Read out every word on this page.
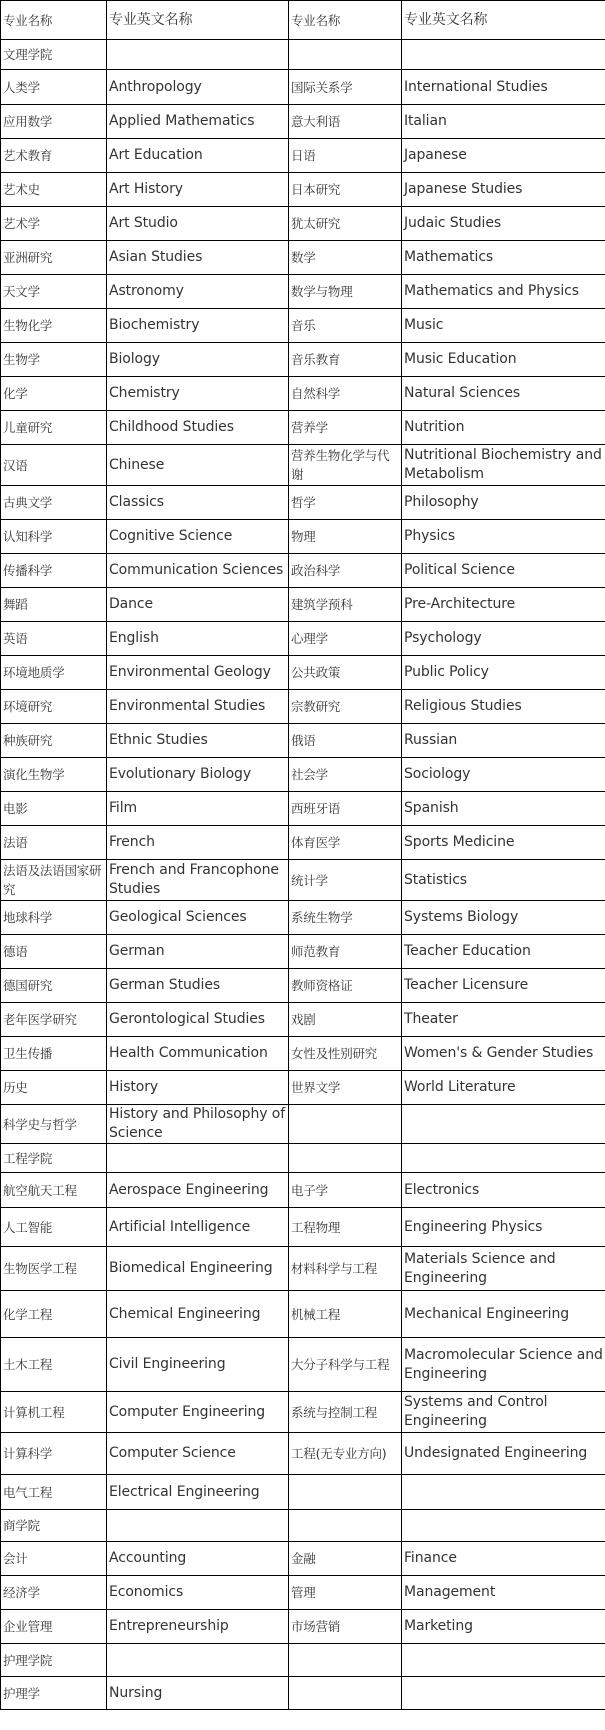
专业名称	专业英文名称	专业名称	专业英文名称
文理学院			
人类学	Anthropology	国际关系学	International Studies
应用数学	Applied Mathematics	意大利语	Italian
艺术教育	Art Education	日语	Japanese
艺术史	Art History	日本研究	Japanese Studies
艺术学	Art Studio	犹太研究	Judaic Studies
亚洲研究	Asian Studies	数学	Mathematics
天文学	Astronomy	数学与物理	Mathematics and Physics
生物化学	Biochemistry	音乐	Music
生物学	Biology	音乐教育	Music Education
化学	Chemistry	自然科学	Natural Sciences
儿童研究	Childhood Studies	营养学	Nutrition
汉语	Chinese	营养生物化学与代谢	Nutritional Biochemistry and Metabolism
古典文学	Classics	哲学	Philosophy
认知科学	Cognitive Science	物理	Physics
传播科学	Communication Sciences	政治科学	Political Science
舞蹈	Dance	建筑学预科	Pre-Architecture
英语	English	心理学	Psychology
环境地质学	Environmental Geology	公共政策	Public Policy
环境研究	Environmental Studies	宗教研究	Religious Studies
种族研究	Ethnic Studies	俄语	Russian
演化生物学	Evolutionary Biology	社会学	Sociology
电影	Film	西班牙语	Spanish
法语	French	体育医学	Sports Medicine
法语及法语国家研究	French and Francophone Studies	统计学	Statistics
地球科学	Geological Sciences	系统生物学	Systems Biology
德语	German	师范教育	Teacher Education
德国研究	German Studies	教师资格证	Teacher Licensure
老年医学研究	Gerontological Studies	戏剧	Theater
卫生传播	Health Communication	女性及性别研究	Women's & Gender Studies
历史	History	世界文学	World Literature
科学史与哲学	History and Philosophy of Science		
工程学院			
航空航天工程	Aerospace Engineering	电子学	Electronics
人工智能	Artificial Intelligence	工程物理	Engineering Physics
生物医学工程	Biomedical Engineering	材料科学与工程	Materials Science and Engineering
化学工程	Chemical Engineering	机械工程	Mechanical Engineering
土木工程	Civil Engineering	大分子科学与工程	Macromolecular Science and Engineering
计算机工程	Computer Engineering	系统与控制工程	Systems and Control Engineering
计算科学	Computer Science	工程(无专业方向)	Undesignated Engineering
电气工程	Electrical Engineering		
商学院			
会计	Accounting	金融	Finance
经济学	Economics	管理	Management
企业管理	Entrepreneurship	市场营销	Marketing
护理学院			
护理学	Nursing		
